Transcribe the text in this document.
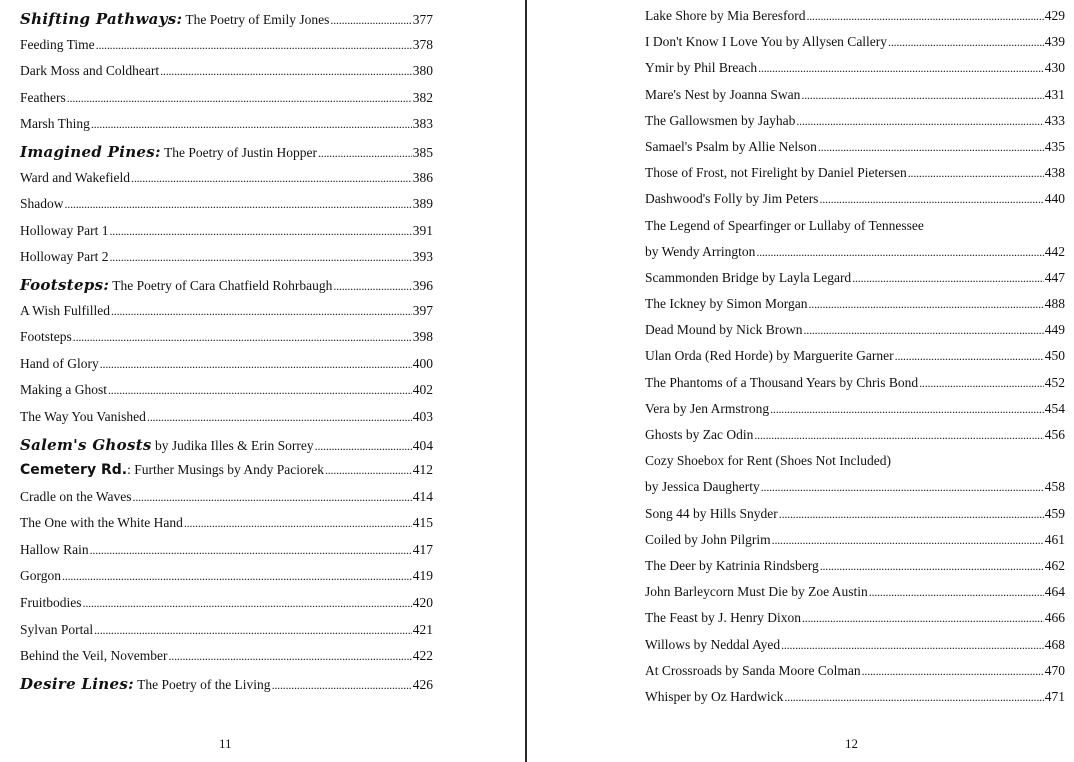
Shifting Pathways: The Poetry of Emily Jones . . .	377
Feeding Time . . .	378
Dark Moss and Coldheart . . .	380
Feathers . . .	382
Marsh Thing . . .	383
Imagined Pines: The Poetry of Justin Hopper . . .	385
Ward and Wakefield . . .	386
Shadow . . .	389
Holloway Part 1 . . .	391
Holloway Part 2 . . .	393
Footsteps: The Poetry of Cara Chatfield Rohrbaugh . . .	396
A Wish Fulfilled . . .	397
Footsteps . . .	398
Hand of Glory . . .	400
Making a Ghost . . .	402
The Way You Vanished . . .	403
Salem's Ghosts by Judika Illes & Erin Sorrey . . .	404
Cemetery Rd.: Further Musings by Andy Paciorek . . .	412
Cradle on the Waves . . .	414
The One with the White Hand . . .	415
Hallow Rain . . .	417
Gorgon . . .	419
Fruitbodies . . .	420
Sylvan Portal . . .	421
Behind the Veil, November . . .	422
Desire Lines: The Poetry of the Living . . .	426
11
Lake Shore by Mia Beresford . . .	429
I Don't Know I Love You by Allysen Callery . . .	439
Ymir by Phil Breach . . .	430
Mare's Nest by Joanna Swan . . .	431
The Gallowsmen by Jayhab . . .	433
Samael's Psalm by Allie Nelson . . .	435
Those of Frost, not Firelight by Daniel Pietersen . . .	438
Dashwood's Folly by Jim Peters . . .	440
The Legend of Spearfinger or Lullaby of Tennessee
by Wendy Arrington . . .	442
Scammonden Bridge by Layla Legard . . .	447
The Ickney by Simon Morgan . . .	488
Dead Mound by Nick Brown . . .	449
Ulan Orda (Red Horde) by Marguerite Garner . . .	450
The Phantoms of a Thousand Years by Chris Bond . . .	452
Vera by Jen Armstrong . . .	454
Ghosts by Zac Odin . . .	456
Cozy Shoebox for Rent (Shoes Not Included)
by Jessica Daugherty . . .	458
Song 44 by Hills Snyder . . .	459
Coiled by John Pilgrim . . .	461
The Deer by Katrinia Rindsberg . . .	462
John Barleycorn Must Die by Zoe Austin . . .	464
The Feast by J. Henry Dixon . . .	466
Willows by Neddal Ayed . . .	468
At Crossroads by Sanda Moore Colman . . .	470
Whisper by Oz Hardwick . . .	471
12
